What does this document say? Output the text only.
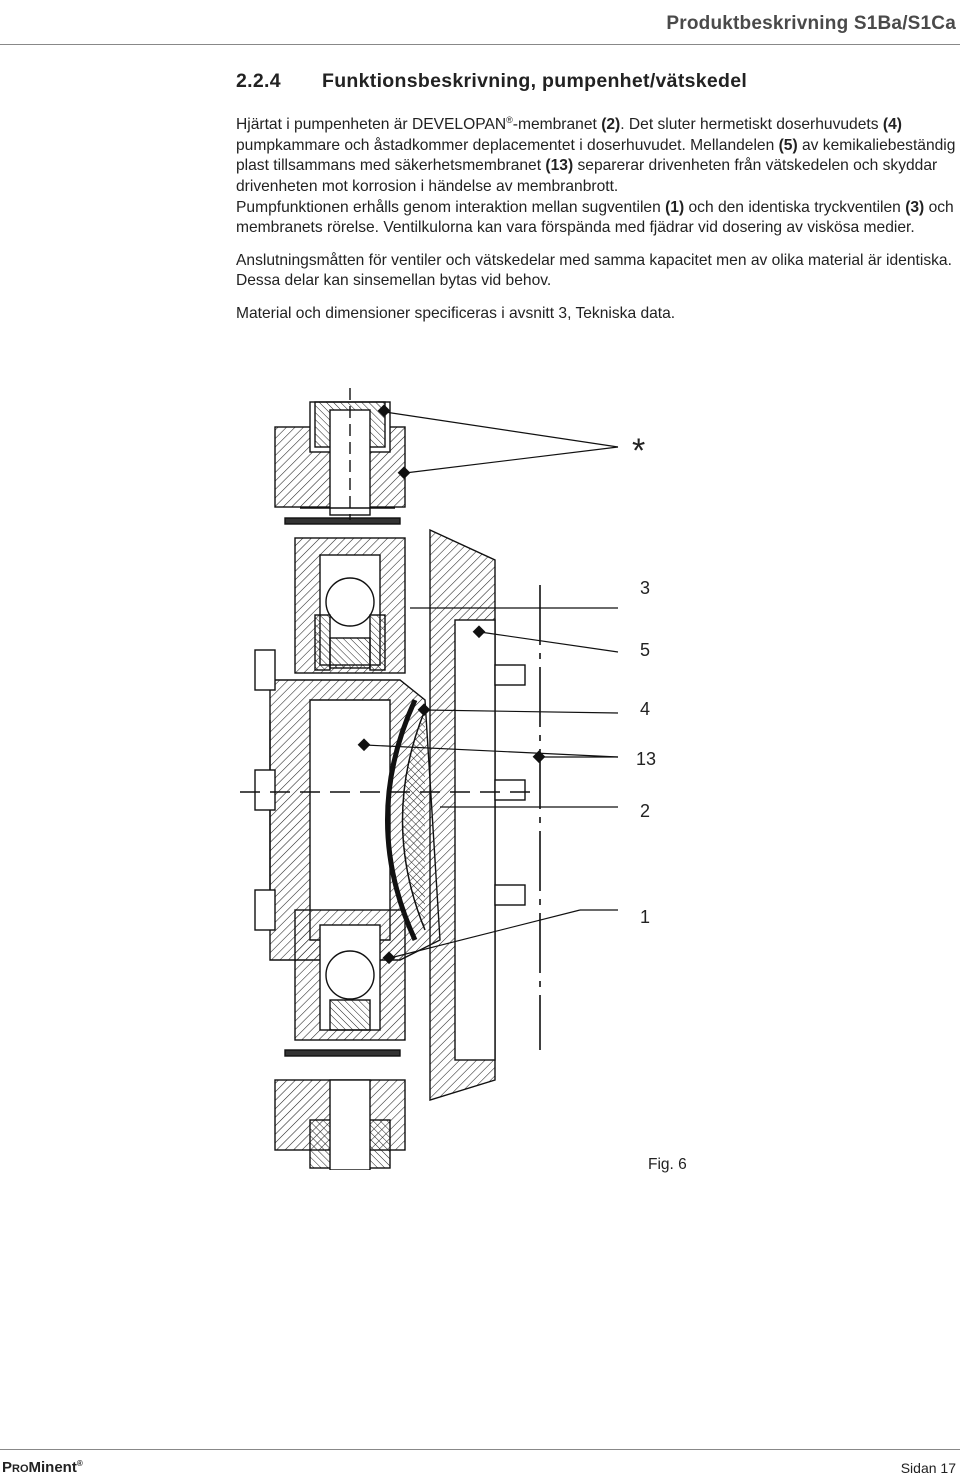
Produktbeskrivning S1Ba/S1Ca
2.2.4 Funktionsbeskrivning, pumpenhet/vätskedel

Hjärtat i pumpenheten är DEVELOPAN®-membranet (2). Det sluter hermetiskt doserhuvudets (4) pumpkammare och åstadkommer deplacementet i doserhuvudet. Mellandelen (5) av kemikaliebeständig plast tillsammans med säkerhetsmembranet (13) separerar drivenheten från vätskedelen och skyddar drivenheten mot korrosion i händelse av membranbrott.
Pumpfunktionen erhålls genom interaktion mellan sugventilen (1) och den identiska tryckventilen (3) och membranets rörelse. Ventilkulorna kan vara förspända med fjädrar vid dosering av viskösa medier.

Anslutningsmåtten för ventiler och vätskedelar med samma kapacitet men av olika material är identiska. Dessa delar kan sinsemellan bytas vid behov.

Material och dimensioner specificeras i avsnitt 3, Tekniska data.

*
3
5
4
13
2
1
Fig. 6
PROMinent®	Sidan 17
